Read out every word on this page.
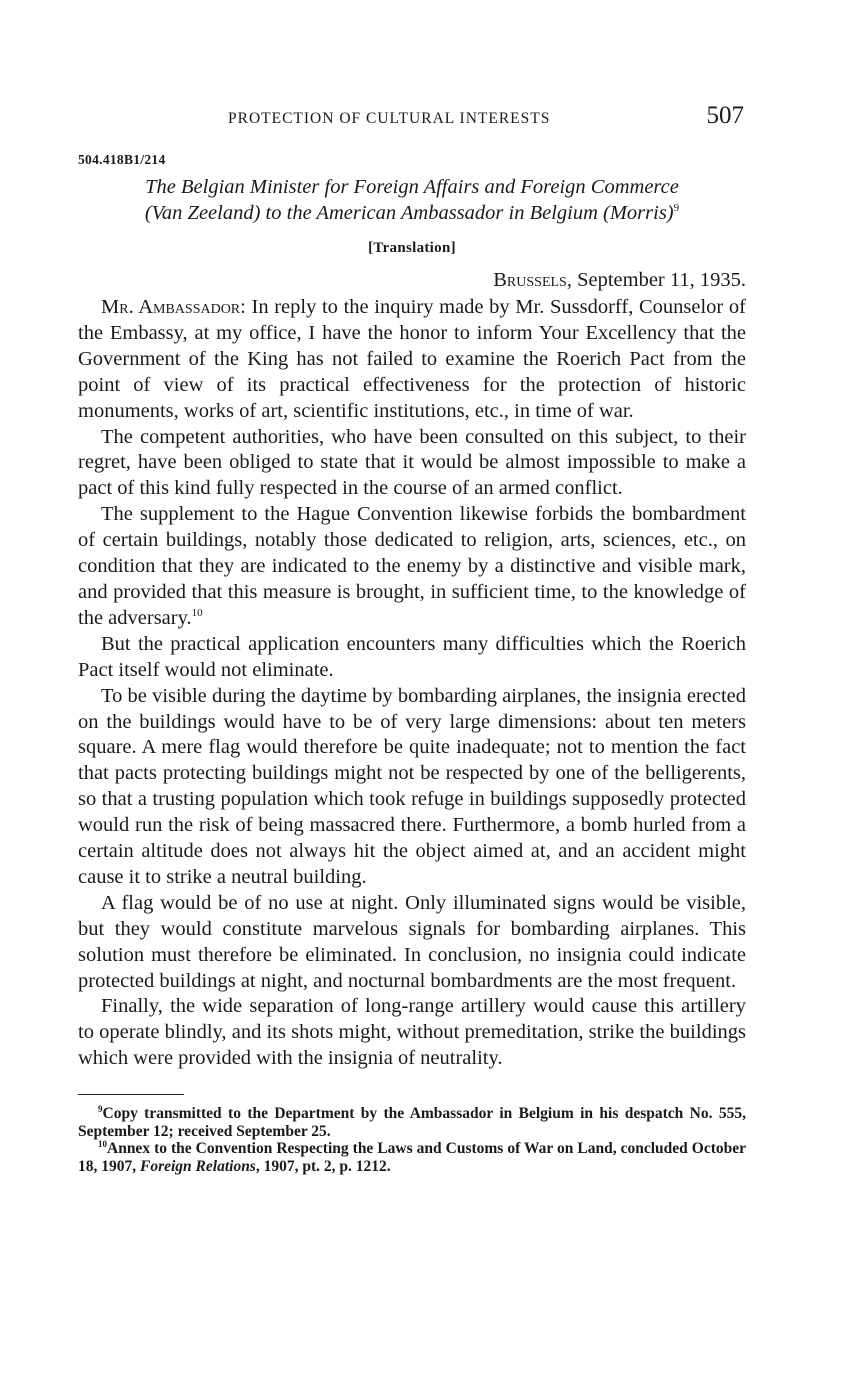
PROTECTION OF CULTURAL INTERESTS	507
504.418B1/214
The Belgian Minister for Foreign Affairs and Foreign Commerce
(Van Zeeland) to the American Ambassador in Belgium (Morris)$^9$
[Translation]
Brussels, September 11, 1935.
Mr. Ambassador: In reply to the inquiry made by Mr. Sussdorff, Counselor of the Embassy, at my office, I have the honor to inform Your Excellency that the Government of the King has not failed to examine the Roerich Pact from the point of view of its practical effectiveness for the protection of historic monuments, works of art, scientific institutions, etc., in time of war.
The competent authorities, who have been consulted on this subject, to their regret, have been obliged to state that it would be almost impossible to make a pact of this kind fully respected in the course of an armed conflict.
The supplement to the Hague Convention likewise forbids the bombardment of certain buildings, notably those dedicated to religion, arts, sciences, etc., on condition that they are indicated to the enemy by a distinctive and visible mark, and provided that this measure is brought, in sufficient time, to the knowledge of the adversary.$^{10}$
But the practical application encounters many difficulties which the Roerich Pact itself would not eliminate.
To be visible during the daytime by bombarding airplanes, the insignia erected on the buildings would have to be of very large dimensions: about ten meters square. A mere flag would therefore be quite inadequate; not to mention the fact that pacts protecting buildings might not be respected by one of the belligerents, so that a trusting population which took refuge in buildings supposedly protected would run the risk of being massacred there. Furthermore, a bomb hurled from a certain altitude does not always hit the object aimed at, and an accident might cause it to strike a neutral building.
A flag would be of no use at night. Only illuminated signs would be visible, but they would constitute marvelous signals for bombarding airplanes. This solution must therefore be eliminated. In conclusion, no insignia could indicate protected buildings at night, and nocturnal bombardments are the most frequent.
Finally, the wide separation of long-range artillery would cause this artillery to operate blindly, and its shots might, without premeditation, strike the buildings which were provided with the insignia of neutrality.
$^9$Copy transmitted to the Department by the Ambassador in Belgium in his despatch No. 555, September 12; received September 25.
$^{10}$Annex to the Convention Respecting the Laws and Customs of War on Land, concluded October 18, 1907, Foreign Relations, 1907, pt. 2, p. 1212.
